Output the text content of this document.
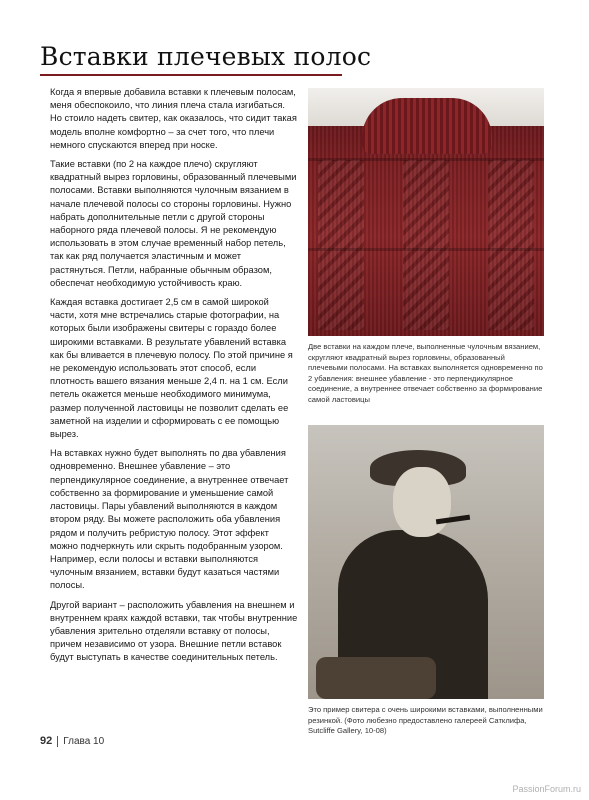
Вставки плечевых полос

Когда я впервые добавила вставки к плечевым полосам, меня обеспокоило, что линия плеча стала изгибаться. Но стоило надеть свитер, как оказалось, что сидит такая модель вполне комфортно – за счет того, что плечи немного спускаются вперед при носке.

Такие вставки (по 2 на каждое плечо) скругляют квадратный вырез горловины, образованный плечевыми полосами. Вставки выполняются чулочным вязанием в начале плечевой полосы со стороны горловины. Нужно набрать дополнительные петли с другой стороны наборного ряда плечевой полосы. Я не рекомендую использовать в этом случае временный набор петель, так как ряд получается эластичным и может растянуться. Петли, набранные обычным образом, обеспечат необходимую устойчивость краю.

Каждая вставка достигает 2,5 см в самой широкой части, хотя мне встречались старые фотографии, на которых были изображены свитеры с гораздо более широкими вставками. В результате убавлений вставка как бы вливается в плечевую полосу. По этой причине я не рекомендую использовать этот способ, если плотность вашего вязания меньше 2,4 п. на 1 см. Если петель окажется меньше необходимого минимума, размер полученной ластовицы не позволит сделать ее заметной на изделии и сформировать с ее помощью вырез.

На вставках нужно будет выполнять по два убавления одновременно. Внешнее убавление – это перпендикулярное соединение, а внутреннее отвечает собственно за формирование и уменьшение самой ластовицы. Пары убавлений выполняются в каждом втором ряду. Вы можете расположить оба убавления рядом и получить ребристую полосу. Этот эффект можно подчеркнуть или скрыть подобранным узором. Например, если полосы и вставки выполняются чулочным вязанием, вставки будут казаться частями полосы.

Другой вариант – расположить убавления на внешнем и внутреннем краях каждой вставки, так чтобы внутренние убавления зрительно отделяли вставку от полосы, причем независимо от узора. Внешние петли вставок будут выступать в качестве соединительных петель.

Две вставки на каждом плече, выполненные чулочным вязанием, скругляют квадратный вырез горловины, образованный плечевыми полосами. На вставках выполняется одновременно по 2 убавления: внешнее убавление - это перпендикулярное соединение, а внутреннее отвечает собственно за формирование самой ластовицы
Это пример свитера с очень широкими вставками, выполненными резинкой. (Фото любезно предоставлено галереей Сатклифа, Sutcliffe Gallery, 10-08)
92 Глава 10
PassionForum.ru
